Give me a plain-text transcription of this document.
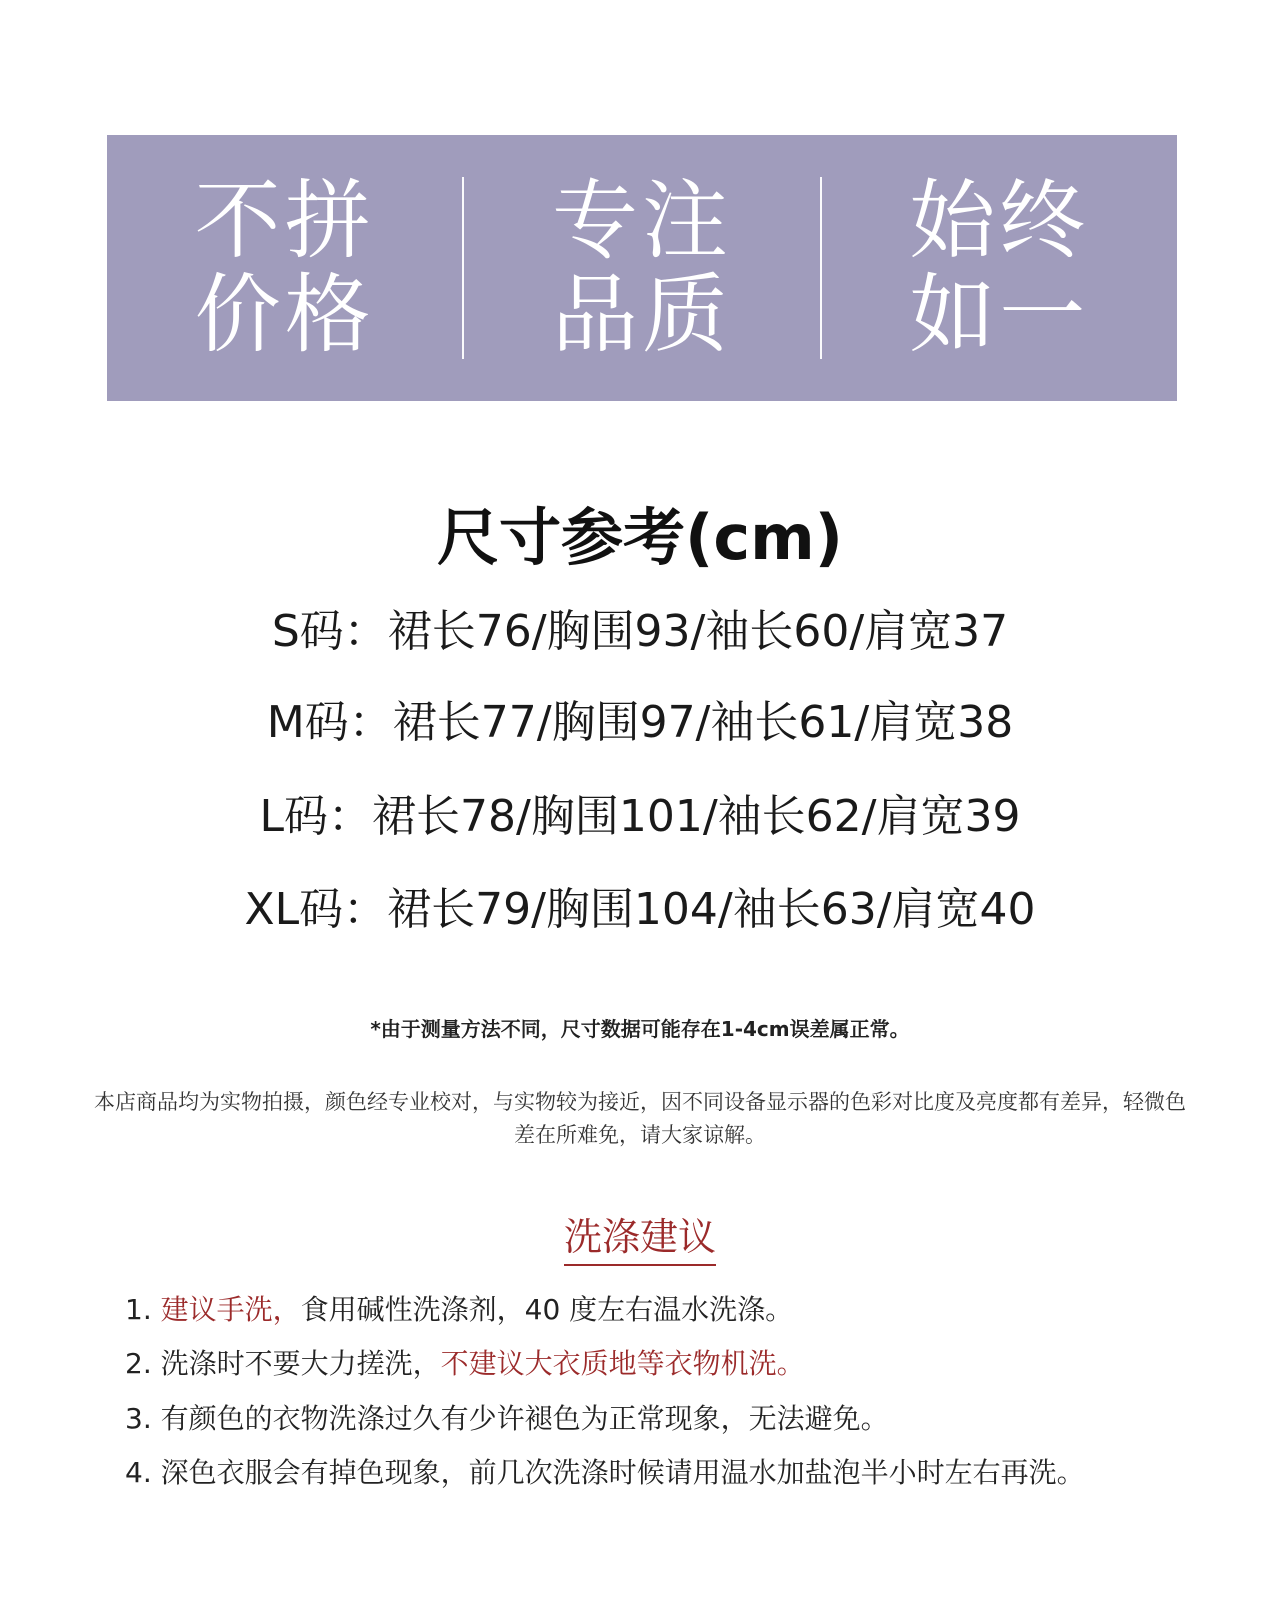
不拼
价格
专注
品质
始终
如一
尺寸参考(cm)
S码：裙长76/胸围93/袖长60/肩宽37
M码：裙长77/胸围97/袖长61/肩宽38
L码：裙长78/胸围101/袖长62/肩宽39
XL码：裙长79/胸围104/袖长63/肩宽40
*由于测量方法不同，尺寸数据可能存在1-4cm误差属正常。
本店商品均为实物拍摄，颜色经专业校对，与实物较为接近，因不同设备显示器的色彩对比度及亮度都有差异，轻微色差在所难免，请大家谅解。
洗涤建议
1. 建议手洗，食用碱性洗涤剂，40 度左右温水洗涤。
2. 洗涤时不要大力搓洗，不建议大衣质地等衣物机洗。
3. 有颜色的衣物洗涤过久有少许褪色为正常现象，无法避免。
4. 深色衣服会有掉色现象，前几次洗涤时候请用温水加盐泡半小时左右再洗。
